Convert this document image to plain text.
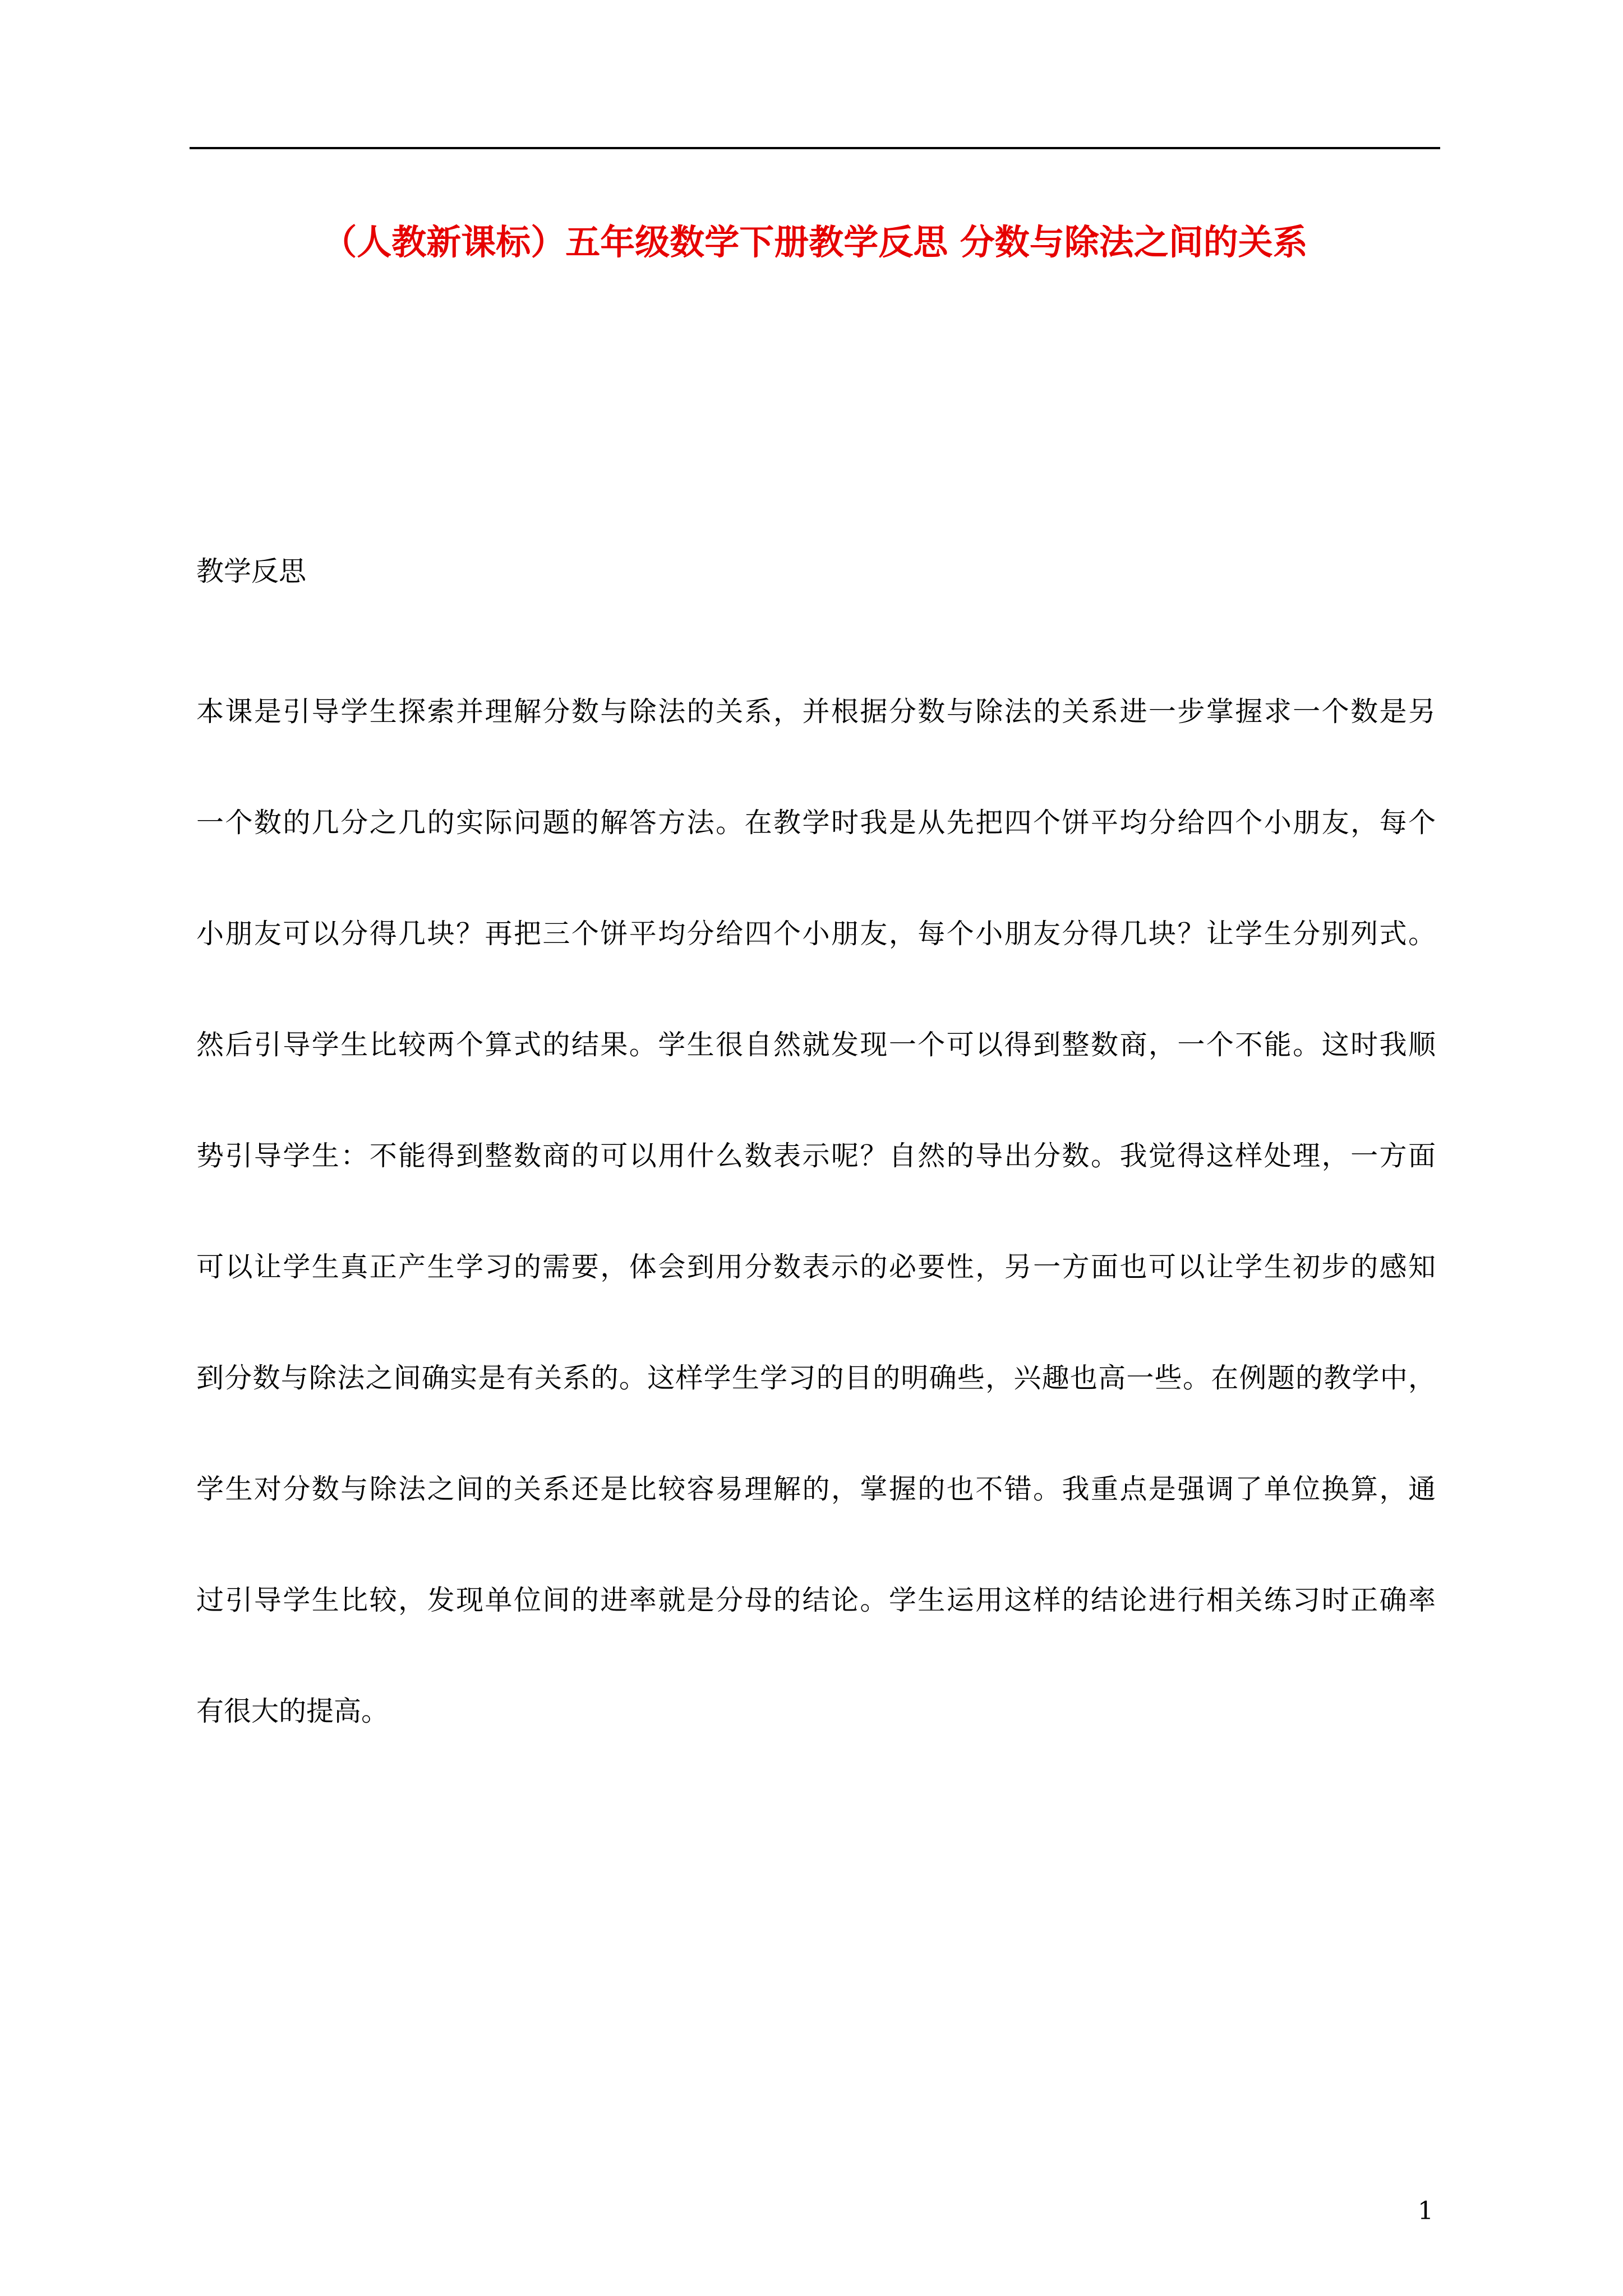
（人教新课标）五年级数学下册教学反思 分数与除法之间的关系
教学反思
本课是引导学生探索并理解分数与除法的关系，并根据分数与除法的关系进一步掌握求一个数是另
一个数的几分之几的实际问题的解答方法。在教学时我是从先把四个饼平均分给四个小朋友，每个
小朋友可以分得几块？再把三个饼平均分给四个小朋友，每个小朋友分得几块？让学生分别列式。
然后引导学生比较两个算式的结果。学生很自然就发现一个可以得到整数商，一个不能。这时我顺
势引导学生：不能得到整数商的可以用什么数表示呢？自然的导出分数。我觉得这样处理，一方面
可以让学生真正产生学习的需要，体会到用分数表示的必要性，另一方面也可以让学生初步的感知
到分数与除法之间确实是有关系的。这样学生学习的目的明确些，兴趣也高一些。在例题的教学中，
学生对分数与除法之间的关系还是比较容易理解的，掌握的也不错。我重点是强调了单位换算，通
过引导学生比较，发现单位间的进率就是分母的结论。学生运用这样的结论进行相关练习时正确率
有很大的提高。
1
